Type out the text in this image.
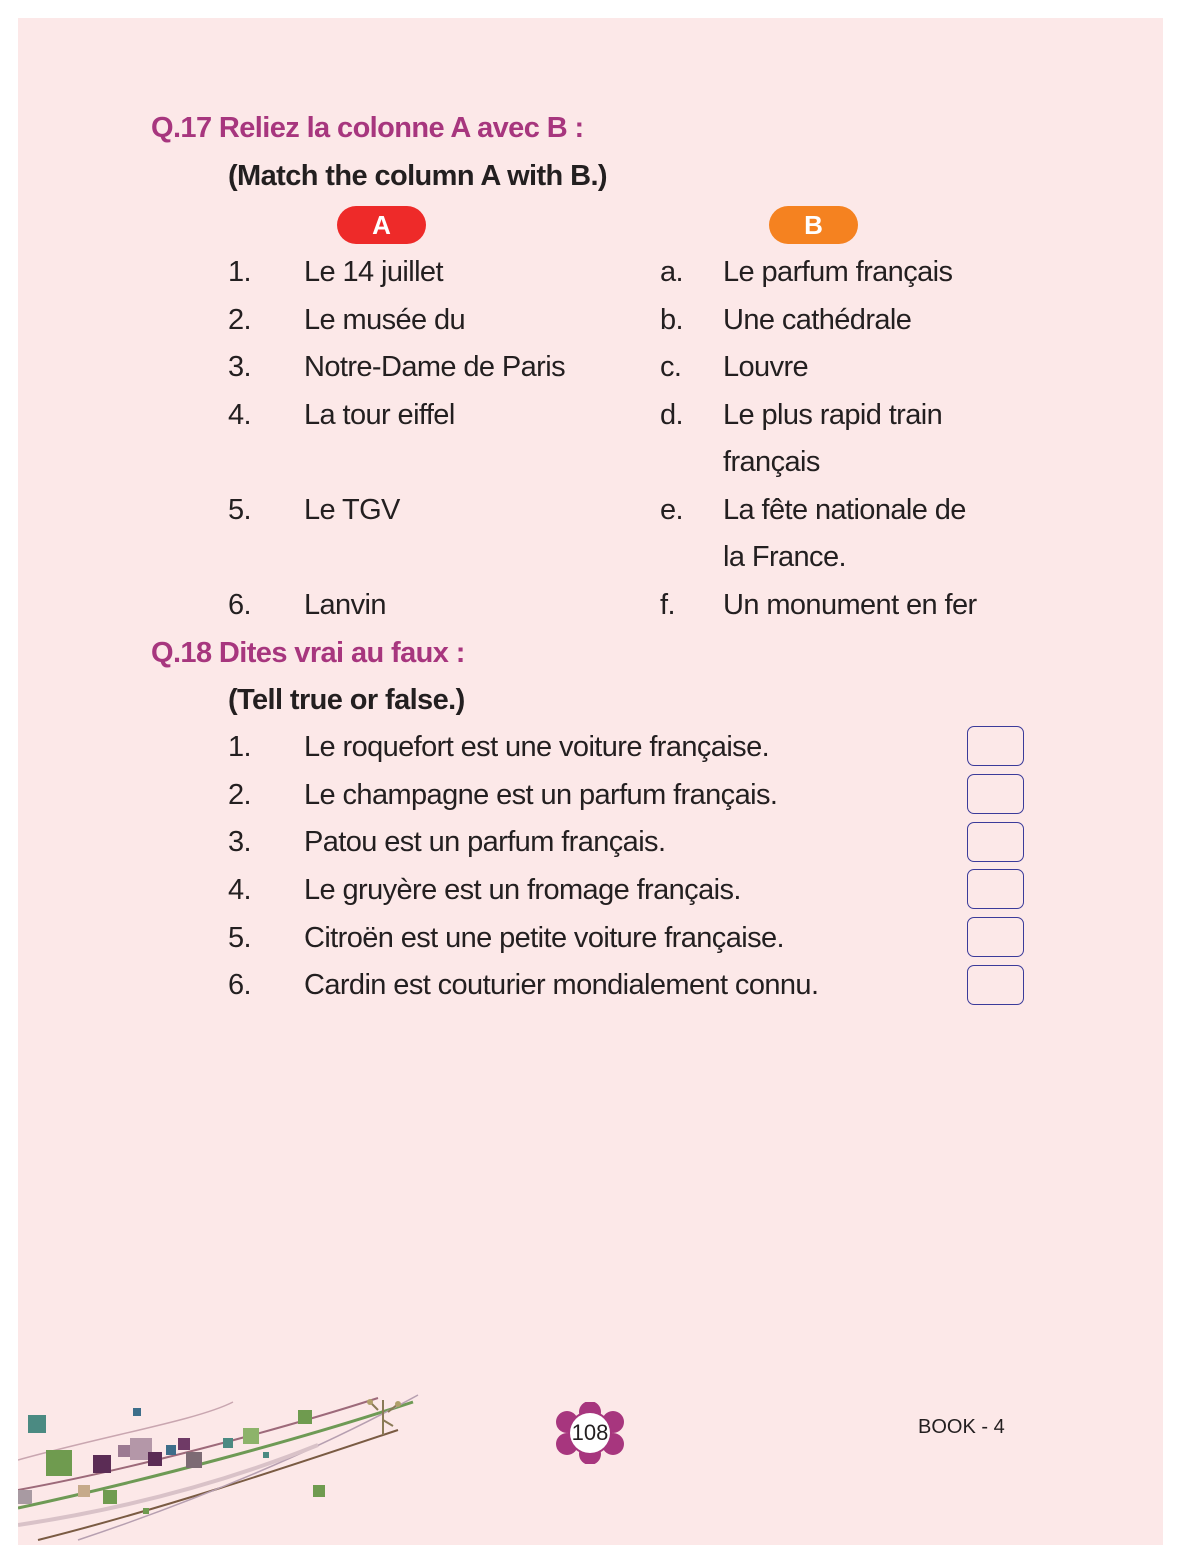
Q.17 Reliez la colonne A avec B :
(Match the column A with B.)
A	B
1. Le 14 juillet
2. Le musée du
3. Notre-Dame de Paris
4. La tour eiffel
5. Le TGV
6. Lanvin
a. Le parfum français
b. Une cathédrale
c. Louvre
d. Le plus rapid train
français
e. La fête nationale de
la France.
f. Un monument en fer
Q.18 Dites vrai au faux :
(Tell true or false.)
1. Le roquefort est une voiture française.
2. Le champagne est un parfum français.
3. Patou est un parfum français.
4. Le gruyère est un fromage français.
5. Citroën est une petite voiture française.
6. Cardin est couturier mondialement connu.
108	BOOK - 4
